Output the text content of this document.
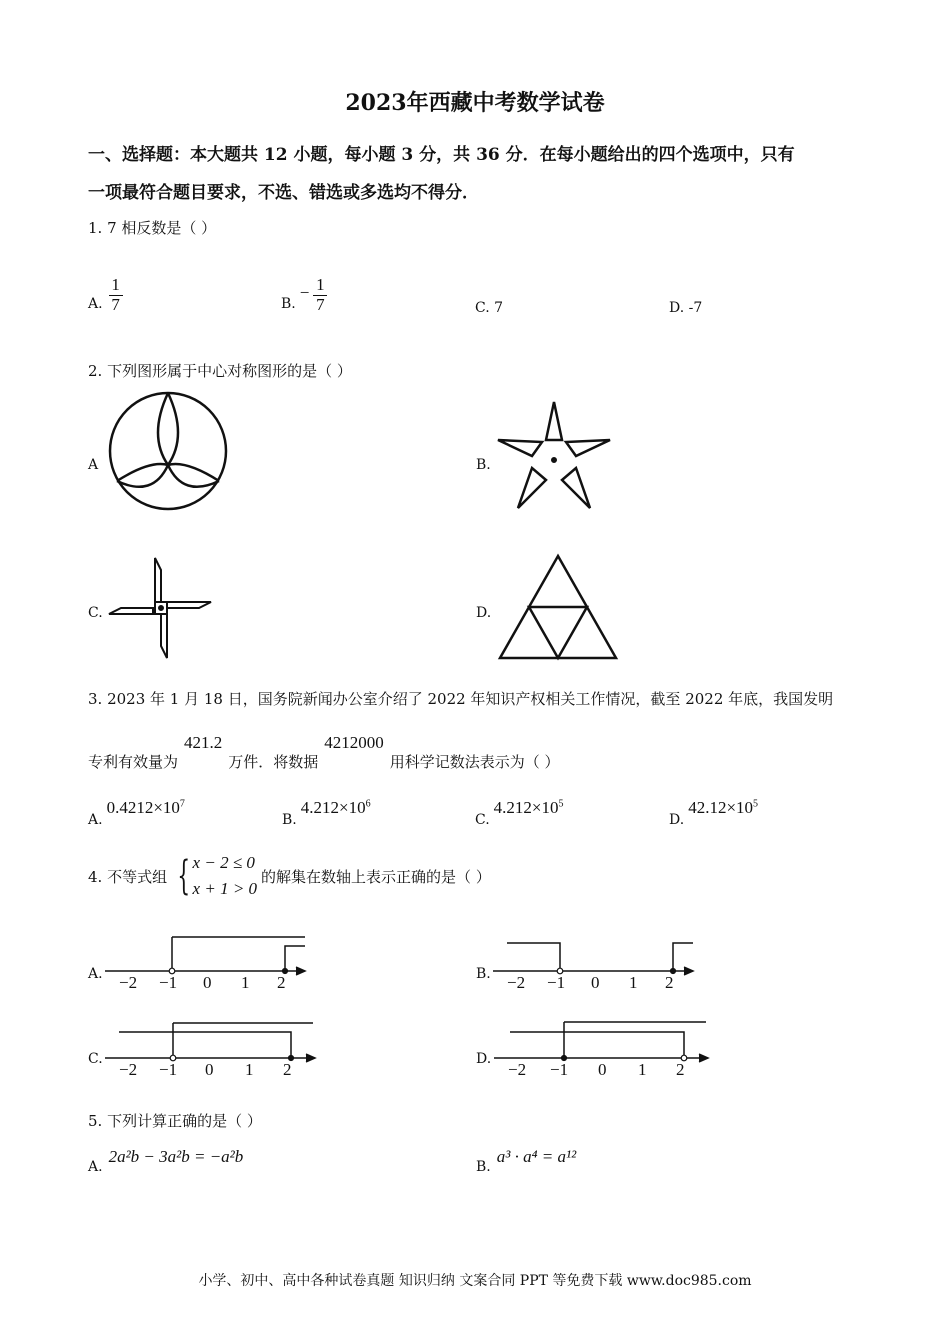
2023年西藏中考数学试卷
一、选择题：本大题共 12 小题，每小题 3 分，共 36 分．在每小题给出的四个选项中，只有
一项最符合题目要求，不选、错选或多选均不得分．
1. 7 相反数是（ ）
A. $\frac{1}{7}$	B.
− $\frac{1}{7}$	C. 7	D. -7
2. 下列图形属于中心对称图形的是（ ）
A	B.
C.	D.
3. 2023 年 1 月 18 日，国务院新闻办公室介绍了 2022 年知识产权相关工作情况，截至 2022 年底，我国发明
专利有效量为
421.2
万件．将数据
4212000
用科学记数法表示为（ ）
A.
$0.4212\times 10^7$
B.
$4.212\times 10^6$
C.
$4.212\times 10^5$
D.
$42.12\times 10^5$
4. 不等式组 { x − 2 ≤ 0
x + 1 > 0
的解集在数轴上表示正确的是（ ）
A. −2 −1 0 1 2	B. −2 −1 0 1 2
C.
−2 −1 0 1 2
D.
−2 −1 0 1 2
5. 下列计算正确的是（ ）
A.
2a²b − 3a²b = −a²b
B.
a³ · a⁴ = a¹²
小学、初中、高中各种试卷真题 知识归纳 文案合同 PPT 等免费下载 www.doc985.com
